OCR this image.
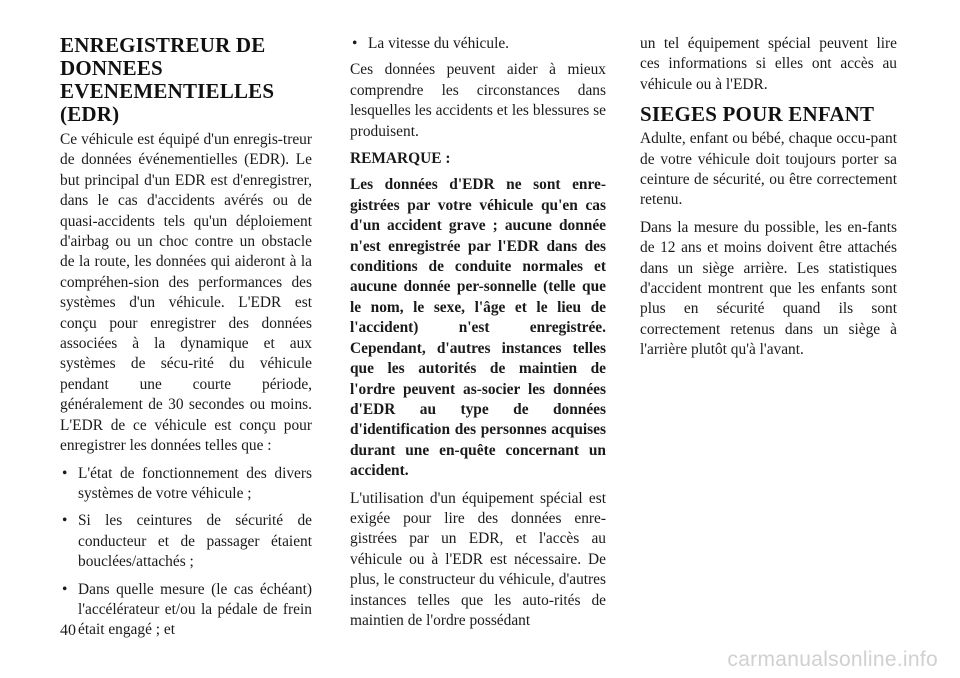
ENREGISTREUR DE DONNEES EVENEMENTIELLES (EDR)

Ce véhicule est équipé d'un enregis-treur de données événementielles (EDR). Le but principal d'un EDR est d'enregistrer, dans le cas d'accidents avérés ou de quasi-accidents tels qu'un déploiement d'airbag ou un choc contre un obstacle de la route, les données qui aideront à la compréhen-sion des performances des systèmes d'un véhicule. L'EDR est conçu pour enregistrer des données associées à la dynamique et aux systèmes de sécu-rité du véhicule pendant une courte période, généralement de 30 secondes ou moins. L'EDR de ce véhicule est conçu pour enregistrer les données telles que :

• L'état de fonctionnement des divers systèmes de votre véhicule ;
• Si les ceintures de sécurité de conducteur et de passager étaient bouclées/attachés ;
• Dans quelle mesure (le cas échéant) l'accélérateur et/ou la pédale de frein était engagé ; et
• La vitesse du véhicule.

Ces données peuvent aider à mieux comprendre les circonstances dans lesquelles les accidents et les blessures se produisent.

REMARQUE :

Les données d'EDR ne sont enre-gistrées par votre véhicule qu'en cas d'un accident grave ; aucune donnée n'est enregistrée par l'EDR dans des conditions de conduite normales et aucune donnée per-sonnelle (telle que le nom, le sexe, l'âge et le lieu de l'accident) n'est enregistrée. Cependant, d'autres instances telles que les autorités de maintien de l'ordre peuvent as-socier les données d'EDR au type de données d'identification des personnes acquises durant une en-quête concernant un accident.

L'utilisation d'un équipement spécial est exigée pour lire des données enre-gistrées par un EDR, et l'accès au véhicule ou à l'EDR est nécessaire. De plus, le constructeur du véhicule, d'autres instances telles que les auto-rités de maintien de l'ordre possédant

un tel équipement spécial peuvent lire ces informations si elles ont accès au véhicule ou à l'EDR.

SIEGES POUR ENFANT

Adulte, enfant ou bébé, chaque occu-pant de votre véhicule doit toujours porter sa ceinture de sécurité, ou être correctement retenu.

Dans la mesure du possible, les en-fants de 12 ans et moins doivent être attachés dans un siège arrière. Les statistiques d'accident montrent que les enfants sont plus en sécurité quand ils sont correctement retenus dans un siège à l'arrière plutôt qu'à l'avant.

40
carmanualsonline.info
